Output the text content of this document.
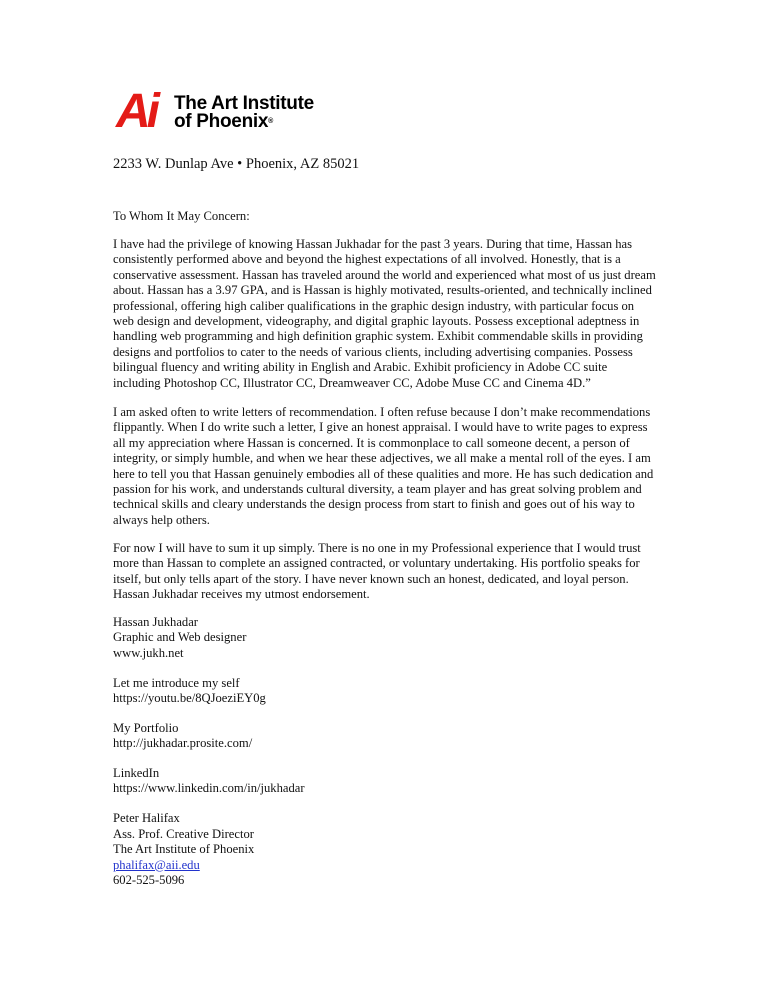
Ai The Art Institute
of Phoenix®
2233 W. Dunlap Ave • Phoenix, AZ 85021
To Whom It May Concern:
I have had the privilege of knowing Hassan Jukhadar for the past 3 years. During that time, Hassan has
consistently performed above and beyond the highest expectations of all involved. Honestly, that is a
conservative assessment. Hassan has traveled around the world and experienced what most of us just dream
about. Hassan has a 3.97 GPA, and is Hassan is highly motivated, results-oriented, and technically inclined
professional, offering high caliber qualifications in the graphic design industry, with particular focus on
web design and development, videography, and digital graphic layouts. Possess exceptional adeptness in
handling web programming and high definition graphic system. Exhibit commendable skills in providing
designs and portfolios to cater to the needs of various clients, including advertising companies. Possess
bilingual fluency and writing ability in English and Arabic. Exhibit proficiency in Adobe CC suite
including Photoshop CC, Illustrator CC, Dreamweaver CC, Adobe Muse CC and Cinema 4D.”
I am asked often to write letters of recommendation. I often refuse because I don’t make recommendations
flippantly. When I do write such a letter, I give an honest appraisal. I would have to write pages to express
all my appreciation where Hassan is concerned. It is commonplace to call someone decent, a person of
integrity, or simply humble, and when we hear these adjectives, we all make a mental roll of the eyes. I am
here to tell you that Hassan genuinely embodies all of these qualities and more. He has such dedication and
passion for his work, and understands cultural diversity, a team player and has great solving problem and
technical skills and cleary understands the design process from start to finish and goes out of his way to
always help others.
For now I will have to sum it up simply. There is no one in my Professional experience that I would trust
more than Hassan to complete an assigned contracted, or voluntary undertaking. His portfolio speaks for
itself, but only tells apart of the story. I have never known such an honest, dedicated, and loyal person.
Hassan Jukhadar receives my utmost endorsement.
Hassan Jukhadar
Graphic and Web designer
www.jukh.net
Let me introduce my self
https://youtu.be/8QJoeziEY0g
My Portfolio
http://jukhadar.prosite.com/
LinkedIn
https://www.linkedin.com/in/jukhadar
Peter Halifax
Ass. Prof. Creative Director
The Art Institute of Phoenix
phalifax@aii.edu
602-525-5096
